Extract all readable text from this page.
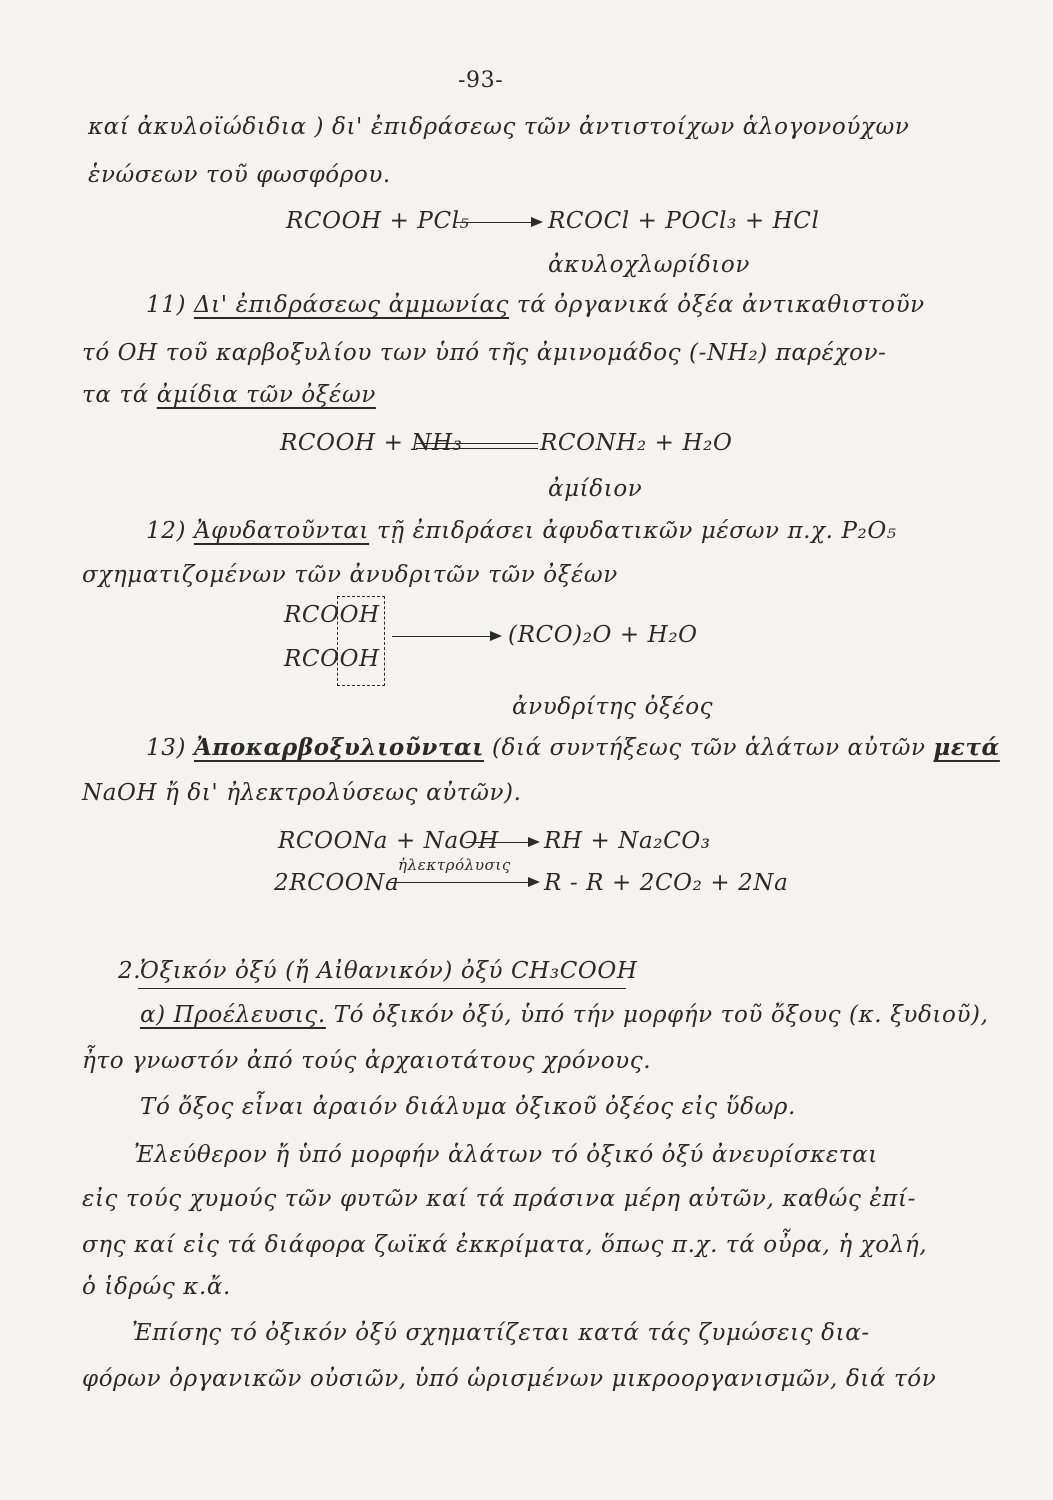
-93-
καί ἀκυλοϊώδιδια ) δι' ἐπιδράσεως τῶν ἀντιστοίχων ἁλογονούχων
ἑνώσεων τοῦ φωσφόρου.
RCOOH + PCl₅	RCOCl + POCl₃ + HCl
ἀκυλοχλωρίδιον
11) Δι' ἐπιδράσεως ἀμμωνίας τά ὀργανικά ὀξέα ἀντικαθιστοῦν
τό OH τοῦ καρβοξυλίου των ὑπό τῆς ἀμινομάδος (-NH₂) παρέχον-
τα τά ἀμίδια τῶν ὀξέων
RCOOH + NH₃	RCONH₂ + H₂O
ἀμίδιον
12) Ἀφυδατοῦνται τῇ ἐπιδράσει ἀφυδατικῶν μέσων π.χ. P₂O₅
σχηματιζομένων τῶν ἀνυδριτῶν τῶν ὀξέων
RCOOH
RCOOH
(RCO)₂O + H₂O
ἀνυδρίτης ὀξέος
13) Ἀποκαρβοξυλιοῦνται (διά συντήξεως τῶν ἁλάτων αὐτῶν μετά
NaOH ἤ δι' ἠλεκτρολύσεως αὐτῶν).
RCOONa + NaOH RH + Na₂CO₃
2RCOONa
ἠλεκτρόλυσις
R - R + 2CO₂ + 2Na
2.
Ὀξικόν ὀξύ (ἤ Αἰθανικόν) ὀξύ CH₃COOH
α) Προέλευσις. Τό ὀξικόν ὀξύ, ὑπό τήν μορφήν τοῦ ὄξους (κ. ξυδιοῦ),
ἦτο γνωστόν ἀπό τούς ἀρχαιοτάτους χρόνους.
Τό ὄξος εἶναι ἀραιόν διάλυμα ὀξικοῦ ὀξέος εἰς ὕδωρ.
Ἐλεύθερον ἤ ὑπό μορφήν ἁλάτων τό ὀξικό ὀξύ ἀνευρίσκεται
εἰς τούς χυμούς τῶν φυτῶν καί τά πράσινα μέρη αὐτῶν, καθώς ἐπί-
σης καί εἰς τά διάφορα ζωϊκά ἐκκρίματα, ὅπως π.χ. τά οὖρα, ἡ χολή,
ὁ ἱδρώς κ.ἄ.
Ἐπίσης τό ὀξικόν ὀξύ σχηματίζεται κατά τάς ζυμώσεις δια-
φόρων ὀργανικῶν οὐσιῶν, ὑπό ὡρισμένων μικροοργανισμῶν, διά τόν
